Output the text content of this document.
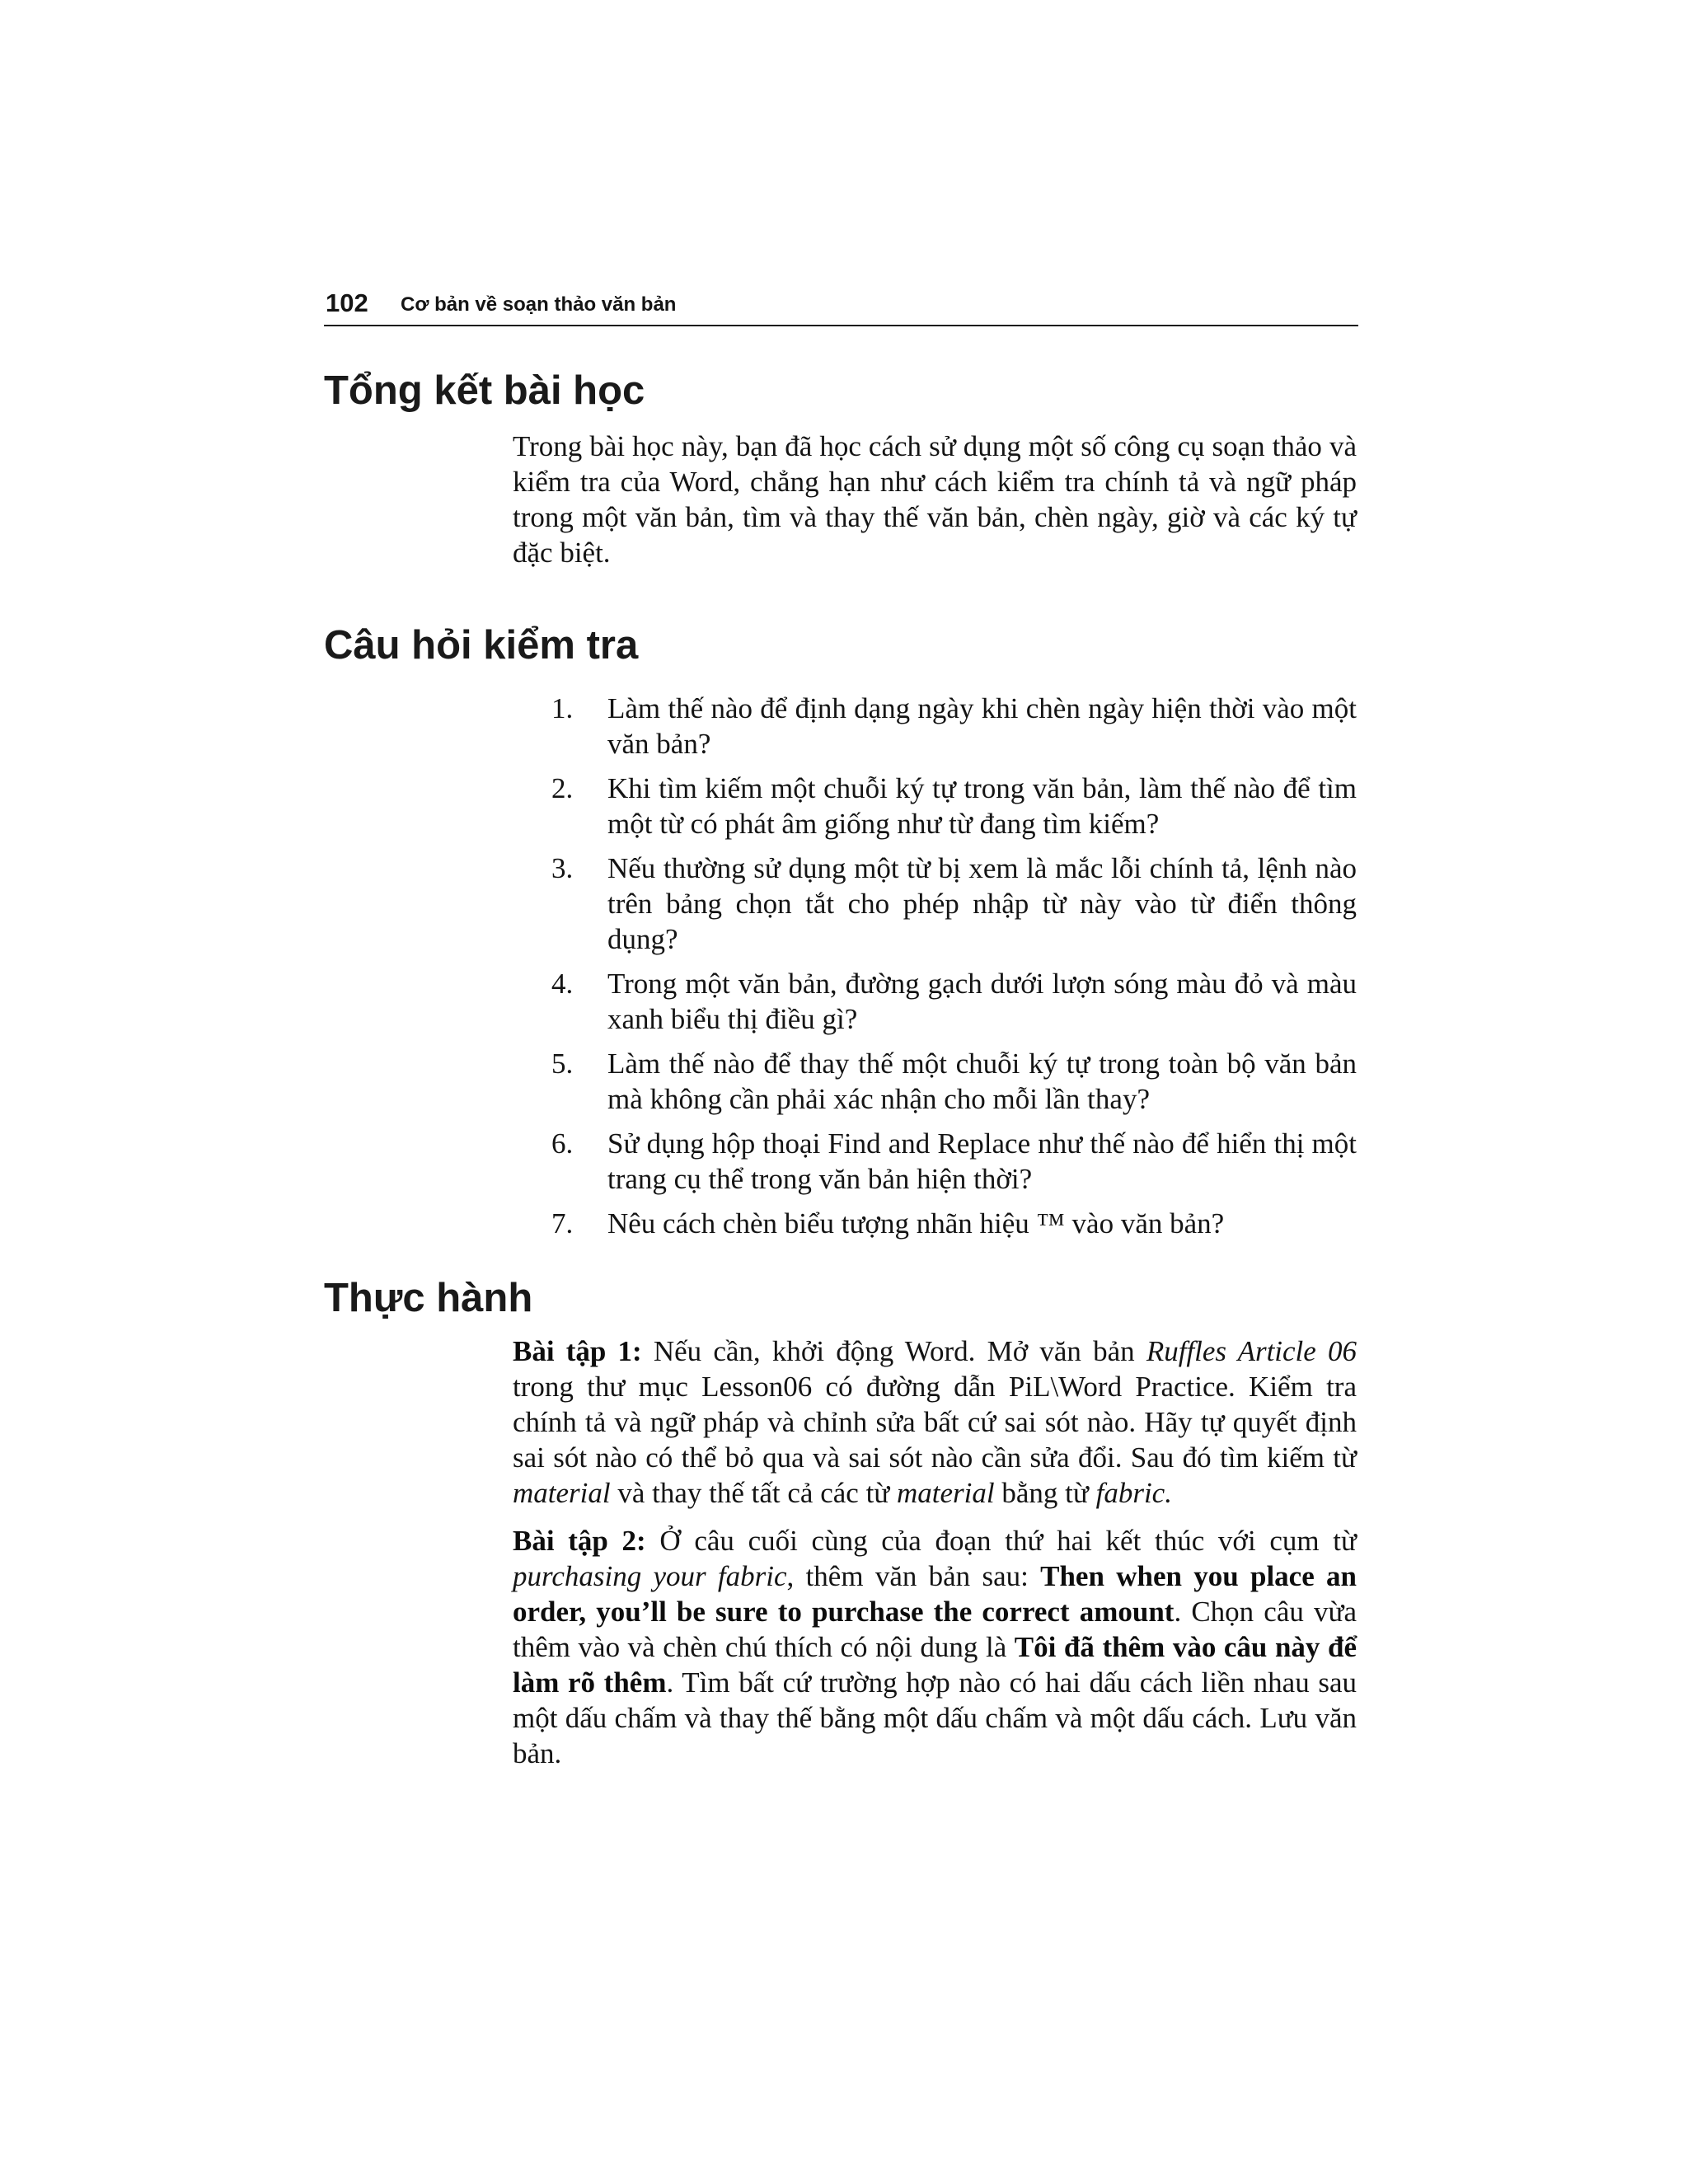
102 Cơ bản về soạn thảo văn bản
Tổng kết bài học

Trong bài học này, bạn đã học cách sử dụng một số công cụ soạn thảo và kiểm tra của Word, chẳng hạn như cách kiểm tra chính tả và ngữ pháp trong một văn bản, tìm và thay thế văn bản, chèn ngày, giờ và các ký tự đặc biệt.

Câu hỏi kiểm tra
1. Làm thế nào để định dạng ngày khi chèn ngày hiện thời vào một văn bản?
2. Khi tìm kiếm một chuỗi ký tự trong văn bản, làm thế nào để tìm một từ có phát âm giống như từ đang tìm kiếm?
3. Nếu thường sử dụng một từ bị xem là mắc lỗi chính tả, lệnh nào trên bảng chọn tắt cho phép nhập từ này vào từ điển thông dụng?
4. Trong một văn bản, đường gạch dưới lượn sóng màu đỏ và màu xanh biểu thị điều gì?
5. Làm thế nào để thay thế một chuỗi ký tự trong toàn bộ văn bản mà không cần phải xác nhận cho mỗi lần thay?
6. Sử dụng hộp thoại Find and Replace như thế nào để hiển thị một trang cụ thể trong văn bản hiện thời?
7. Nêu cách chèn biểu tượng nhãn hiệu ™ vào văn bản?
Thực hành

Bài tập 1: Nếu cần, khởi động Word. Mở văn bản Ruffles Article 06 trong thư mục Lesson06 có đường dẫn PiL\Word Practice. Kiểm tra chính tả và ngữ pháp và chỉnh sửa bất cứ sai sót nào. Hãy tự quyết định sai sót nào có thể bỏ qua và sai sót nào cần sửa đổi. Sau đó tìm kiếm từ material và thay thế tất cả các từ material bằng từ fabric.

Bài tập 2: Ở câu cuối cùng của đoạn thứ hai kết thúc với cụm từ purchasing your fabric, thêm văn bản sau: Then when you place an order, you’ll be sure to purchase the correct amount. Chọn câu vừa thêm vào và chèn chú thích có nội dung là Tôi đã thêm vào câu này để làm rõ thêm. Tìm bất cứ trường hợp nào có hai dấu cách liền nhau sau một dấu chấm và thay thế bằng một dấu chấm và một dấu cách. Lưu văn bản.
